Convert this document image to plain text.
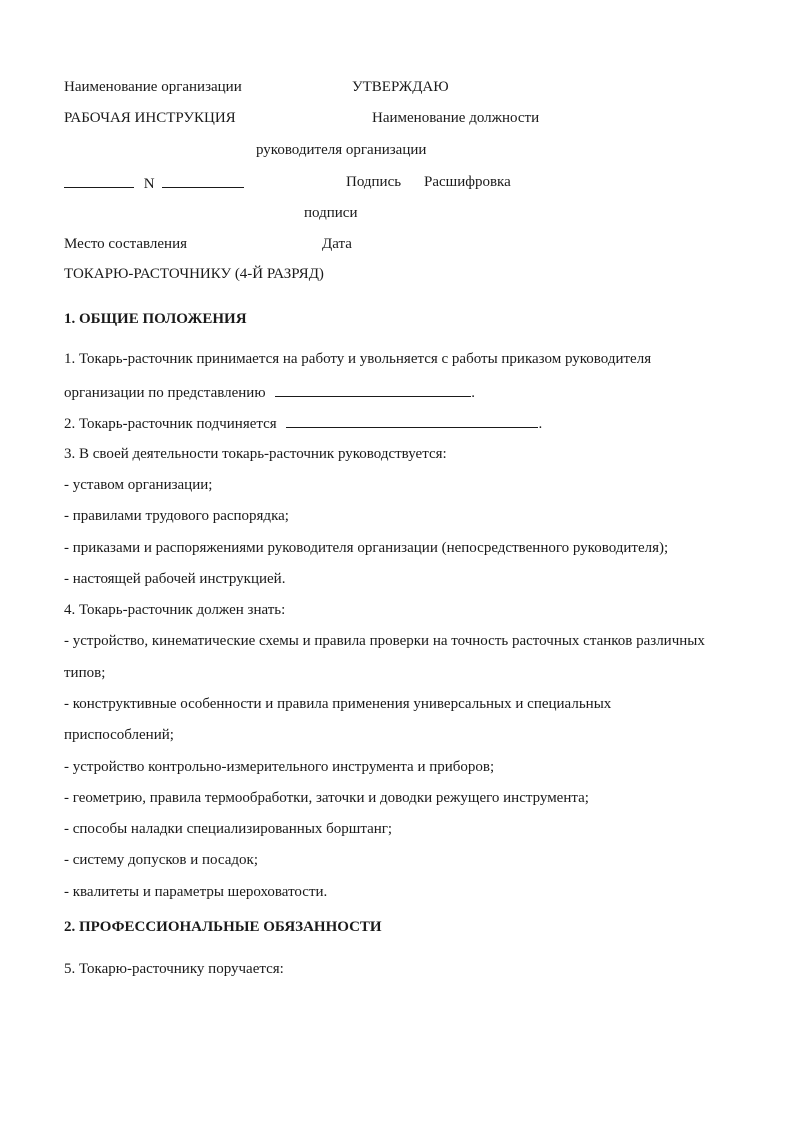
Наименование организации	УТВЕРЖДАЮ
РАБОЧАЯ ИНСТРУКЦИЯ	Наименование должности
руководителя организации
N	Подпись Расшифровка
подписи
Место составления	Дата
ТОКАРЮ-РАСТОЧНИКУ (4-Й РАЗРЯД)
1. ОБЩИЕ ПОЛОЖЕНИЯ
1. Токарь-расточник принимается на работу и увольняется с работы приказом руководителя
организации по представлению	.
2. Токарь-расточник подчиняется	.
3. В своей деятельности токарь-расточник руководствуется:
- уставом организации;
- правилами трудового распорядка;
- приказами и распоряжениями руководителя организации (непосредственного руководителя);
- настоящей рабочей инструкцией.
4. Токарь-расточник должен знать:
- устройство, кинематические схемы и правила проверки на точность расточных станков различных
типов;
- конструктивные особенности и правила применения универсальных и специальных
приспособлений;
- устройство контрольно-измерительного инструмента и приборов;
- геометрию, правила термообработки, заточки и доводки режущего инструмента;
- способы наладки специализированных борштанг;
- систему допусков и посадок;
- квалитеты и параметры шероховатости.
2. ПРОФЕССИОНАЛЬНЫЕ ОБЯЗАННОСТИ
5. Токарю-расточнику поручается:
